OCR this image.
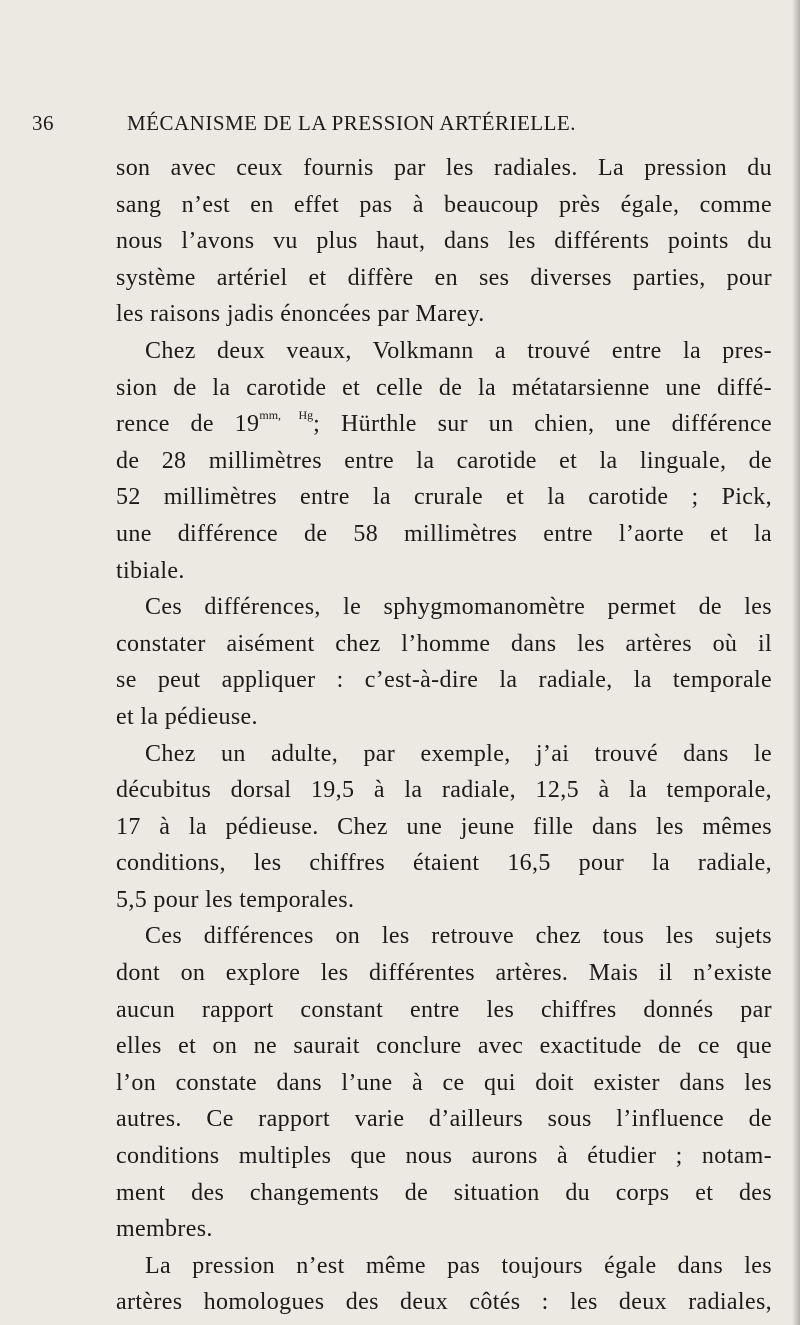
36	MÉCANISME DE LA PRESSION ARTÉRIELLE.

son avec ceux fournis par les radiales. La pression du
sang n’est en effet pas à beaucoup près égale, comme
nous l’avons vu plus haut, dans les différents points du
système artériel et diffère en ses diverses parties, pour
les raisons jadis énoncées par Marey.

Chez deux veaux, Volkmann a trouvé entre la pres-
sion de la carotide et celle de la métatarsienne une diffé-
rence de $19^{mm, Hg}$; Hürthle sur un chien, une différence
de 28 millimètres entre la carotide et la linguale, de
52 millimètres entre la crurale et la carotide ; Pick,
une différence de 58 millimètres entre l’aorte et la
tibiale.

Ces différences, le sphygmomanomètre permet de les
constater aisément chez l’homme dans les artères où il
se peut appliquer : c’est-à-dire la radiale, la temporale
et la pédieuse.

Chez un adulte, par exemple, j’ai trouvé dans le
décubitus dorsal 19,5 à la radiale, 12,5 à la temporale,
17 à la pédieuse. Chez une jeune fille dans les mêmes
conditions, les chiffres étaient 16,5 pour la radiale,
5,5 pour les temporales.

Ces différences on les retrouve chez tous les sujets
dont on explore les différentes artères. Mais il n’existe
aucun rapport constant entre les chiffres donnés par
elles et on ne saurait conclure avec exactitude de ce que
l’on constate dans l’une à ce qui doit exister dans les
autres. Ce rapport varie d’ailleurs sous l’influence de
conditions multiples que nous aurons à étudier ; notam-
ment des changements de situation du corps et des
membres.

La pression n’est même pas toujours égale dans les
artères homologues des deux côtés : les deux radiales,
